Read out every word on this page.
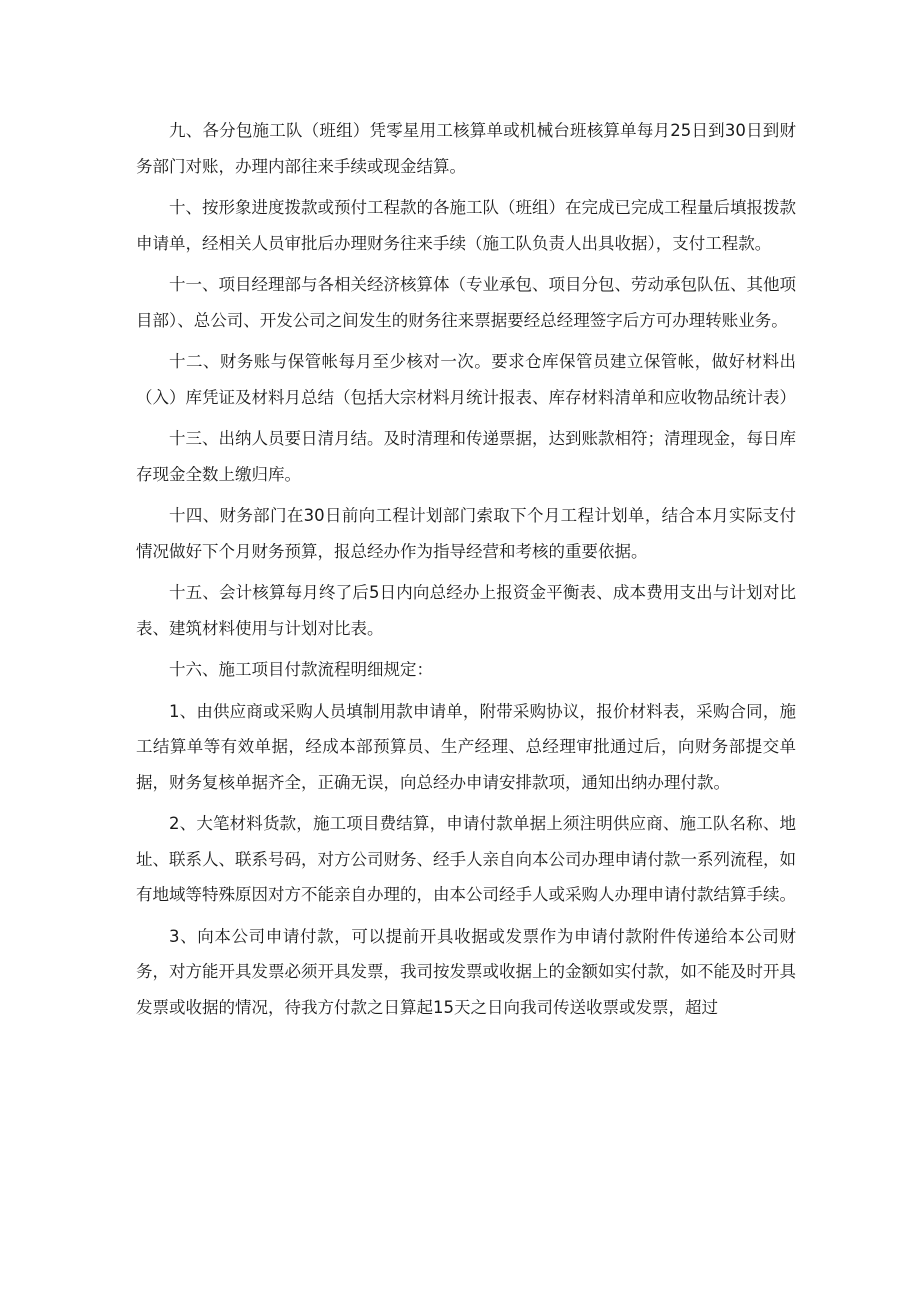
九、各分包施工队（班组）凭零星用工核算单或机械台班核算单每月25日到30日到财务部门对账，办理内部往来手续或现金结算。

十、按形象进度拨款或预付工程款的各施工队（班组）在完成已完成工程量后填报拨款申请单，经相关人员审批后办理财务往来手续（施工队负责人出具收据），支付工程款。

十一、项目经理部与各相关经济核算体（专业承包、项目分包、劳动承包队伍、其他项目部）、总公司、开发公司之间发生的财务往来票据要经总经理签字后方可办理转账业务。

十二、财务账与保管帐每月至少核对一次。要求仓库保管员建立保管帐，做好材料出（入）库凭证及材料月总结（包括大宗材料月统计报表、库存材料清单和应收物品统计表）

十三、出纳人员要日清月结。及时清理和传递票据，达到账款相符；清理现金，每日库存现金全数上缴归库。

十四、财务部门在30日前向工程计划部门索取下个月工程计划单，结合本月实际支付情况做好下个月财务预算，报总经办作为指导经营和考核的重要依据。

十五、会计核算每月终了后5日内向总经办上报资金平衡表、成本费用支出与计划对比表、建筑材料使用与计划对比表。

十六、施工项目付款流程明细规定：

1、由供应商或采购人员填制用款申请单，附带采购协议，报价材料表，采购合同，施工结算单等有效单据，经成本部预算员、生产经理、总经理审批通过后，向财务部提交单据，财务复核单据齐全，正确无误，向总经办申请安排款项，通知出纳办理付款。

2、大笔材料货款，施工项目费结算，申请付款单据上须注明供应商、施工队名称、地址、联系人、联系号码，对方公司财务、经手人亲自向本公司办理申请付款一系列流程，如有地域等特殊原因对方不能亲自办理的，由本公司经手人或采购人办理申请付款结算手续。

3、向本公司申请付款，可以提前开具收据或发票作为申请付款附件传递给本公司财务，对方能开具发票必须开具发票，我司按发票或收据上的金额如实付款，如不能及时开具发票或收据的情况，待我方付款之日算起15天之日向我司传送收票或发票，超过
